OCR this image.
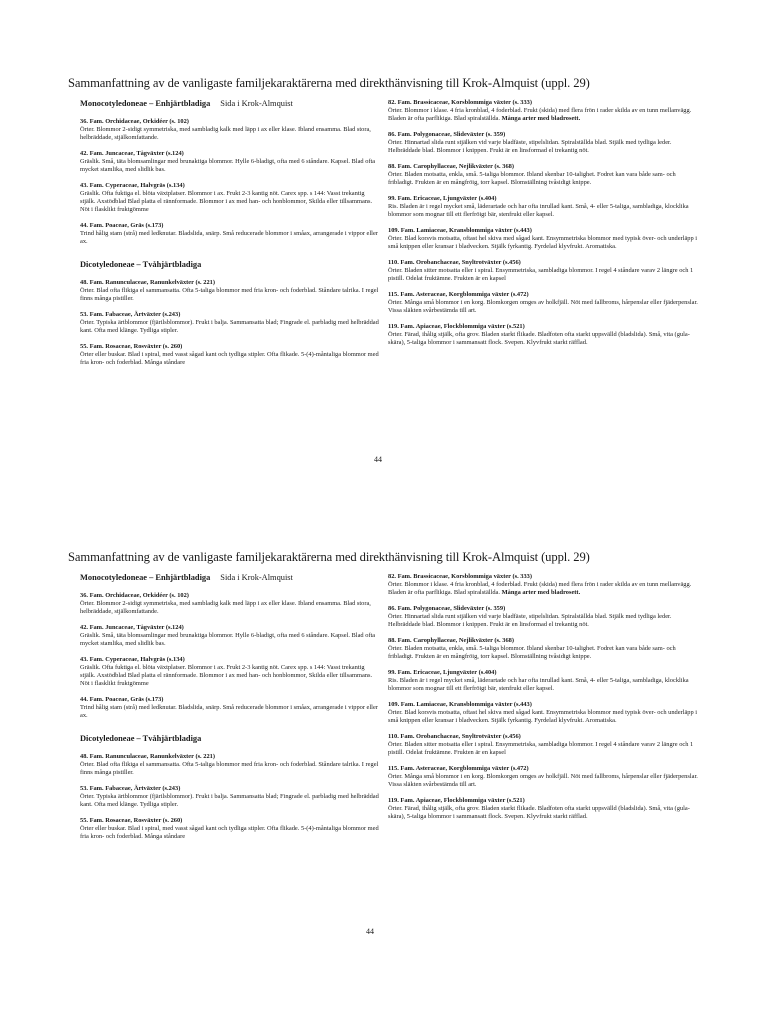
Sammanfattning av de vanligaste familjekaraktärerna med direkthänvisning till Krok-Almquist (uppl. 29)
Monocotyledoneae – Enhjärtbladiga Sida i Krok-Almquist
36. Fam. Orchidaceae, Orkidéer (s. 102)
Örter. Blommor 2-sidigt symmetriska, med sambladig kalk med läpp i ax eller klase. Ibland ensamma. Blad stora, helbräddade, stjälkomfattande.
42. Fam. Juncaceae, Tågväxter (s.124)
Gräslik. Små, täta blomsamlingar med brunaktiga blommor. Hylle 6-bladigt, ofta med 6 ståndare. Kapsel. Blad ofta mycket stamlika, med slidlik bas.
43. Fam. Cyperaceae, Halvgräs (s.134)
Gräslik. Ofta fuktiga el. blöta växtplatser. Blommor i ax. Frukt 2-3 kantig nöt. Carex spp. s 144: Vasst trekantig stjälk. Axstödblad Blad platta el rännformade. Blommor i ax med han- och honblommor, Skilda eller tillsammans. Nöt i flasklikt fruktgömme
44. Fam. Poaceae, Gräs (s.173)
Trind hålig stam (strå) med ledknutar. Bladslida, snärp. Små reducerade blommor i småax, arrangerade i vippor eller ax.
Dicotyledoneae – Tvåhjärtbladiga
48. Fam. Ranunculaceae, Ranunkelväxter (s. 221)
Örter. Blad ofta flikiga el sammansatta. Ofta 5-taliga blommor med fria kron- och foderblad. Ståndare talrika. I regel finns många pistiller.
53. Fam. Fabaceae, Ärtväxter (s.243)
Örter. Typiska ärtblommor (fjärilsblommor). Frukt i balja. Sammansatta blad; Fingrade el. parbladig med helbräddad kant. Ofta med klänge. Tydliga stipler.
55. Fam. Rosaceae, Rosväxter (s. 260)
Örter eller buskar. Blad i spiral, med vasst sågad kant och tydliga stipler. Ofta flikade. 5-(4)-måntaliga blommor med fria kron- och foderblad. Många ståndare
82. Fam. Brassicaceae, Korsblommiga växter (s. 333)
Örter. Blommor i klase. 4 fria kronblad, 4 foderblad. Frukt (skida) med flera frön i rader skilda av en tunn mellanvägg. Bladen är ofta parflikiga. Blad spiralställda. Många arter med bladrosett.
86. Fam. Polygonaceae, Slideväxter (s. 359)
Örter. Hinnartad slida runt stjälken vid varje bladfäste, stipelslidan. Spiralställda blad. Stjälk med tydliga leder. Helbräddade blad. Blommor i knippen. Frukt är en linsformad el trekantig nöt.
88. Fam. Carophyllaceae, Nejlikväxter (s. 368)
Örter. Bladen motsatta, enkla, små. 5-taliga blommor. Ibland skenbar 10-talighet. Fodret kan vara både sam- och fribladigt. Frukten är en mångfröig, torr kapsel. Blomställning tvåsidigt knippe.
99. Fam. Ericaceae, Ljungväxter (s.404)
Ris. Bladen är i regel mycket små, läderartade och har ofta inrullad kant. Små, 4- eller 5-taliga, sambladiga, klocklika blommor som mognar till ett flerfröigt bär, stenfrukt eller kapsel.
109. Fam. Lamiaceae, Kransblommiga växter (s.443)
Örter. Blad korsvis motsatta, oftast hel skiva med sågad kant. Ensymmetriska blommor med typisk över- och underläpp i små knippen eller kransar i bladvecken. Stjälk fyrkantig. Fyrdelad klyvfrukt. Aromatiska.
110. Fam. Orobanchaceae, Snyltrotväxter (s.456)
Örter. Bladen sitter motsatta eller i spiral. Ensymmetriska, sambladiga blommor. I regel 4 ståndare varav 2 längre och 1 pistill. Odelat fruktämne. Frukten är en kapsel
115. Fam. Asteraceae, Korgblommiga växter (s.472)
Örter. Många små blommor i en korg. Blomkorgen omges av holkfjäll. Nöt med fallbroms, hårpenslar eller fjäderpenslar. Vissa släkten svårbestämda till art.
119. Fam. Apiaceae, Flockblommiga växter (s.521)
Örter. Färad, ihålig stjälk, ofta grov. Bladen starkt flikade. Bladfoten ofta starkt uppsvälld (bladslida). Små, vita (gula-skära), 5-taliga blommor i sammansatt flock. Svepen. Klyvfrukt starkt räfflad.
44
Sammanfattning av de vanligaste familjekaraktärerna med direkthänvisning till Krok-Almquist (uppl. 29)
Monocotyledoneae – Enhjärtbladiga Sida i Krok-Almquist
36. Fam. Orchidaceae, Orkidéer (s. 102)
Örter. Blommor 2-sidigt symmetriska, med sambladig kalk med läpp i ax eller klase. Ibland ensamma. Blad stora, helbräddade, stjälkomfattande.
42. Fam. Juncaceae, Tågväxter (s.124)
Gräslik. Små, täta blomsamlingar med brunaktiga blommor. Hylle 6-bladigt, ofta med 6 ståndare. Kapsel. Blad ofta mycket stamlika, med slidlik bas.
43. Fam. Cyperaceae, Halvgräs (s.134)
Gräslik. Ofta fuktiga el. blöta växtplatser. Blommor i ax. Frukt 2-3 kantig nöt. Carex spp. s 144: Vasst trekantig stjälk. Axstödblad Blad platta el rännformade. Blommor i ax med han- och honblommor, Skilda eller tillsammans. Nöt i flasklikt fruktgömme
44. Fam. Poaceae, Gräs (s.173)
Trind hålig stam (strå) med ledknutar. Bladslida, snärp. Små reducerade blommor i småax, arrangerade i vippor eller ax.
Dicotyledoneae – Tvåhjärtbladiga
48. Fam. Ranunculaceae, Ranunkelväxter (s. 221)
Örter. Blad ofta flikiga el sammansatta. Ofta 5-taliga blommor med fria kron- och foderblad. Ståndare talrika. I regel finns många pistiller.
53. Fam. Fabaceae, Ärtväxter (s.243)
Örter. Typiska ärtblommor (fjärilsblommor). Frukt i balja. Sammansatta blad; Fingrade el. parbladig med helbräddad kant. Ofta med klänge. Tydliga stipler.
55. Fam. Rosaceae, Rosväxter (s. 260)
Örter eller buskar. Blad i spiral, med vasst sågad kant och tydliga stipler. Ofta flikade. 5-(4)-måntaliga blommor med fria kron- och foderblad. Många ståndare
82. Fam. Brassicaceae, Korsblommiga växter (s. 333)
Örter. Blommor i klase. 4 fria kronblad, 4 foderblad. Frukt (skida) med flera frön i rader skilda av en tunn mellanvägg. Bladen är ofta parflikiga. Blad spiralställda. Många arter med bladrosett.
86. Fam. Polygonaceae, Slideväxter (s. 359)
Örter. Hinnartad slida runt stjälken vid varje bladfäste, stipelslidan. Spiralställda blad. Stjälk med tydliga leder. Helbräddade blad. Blommor i knippen. Frukt är en linsformad el trekantig nöt.
88. Fam. Carophyllaceae, Nejlikväxter (s. 368)
Örter. Bladen motsatta, enkla, små. 5-taliga blommor. Ibland skenbar 10-talighet. Fodret kan vara både sam- och fribladigt. Frukten är en mångfröig, torr kapsel. Blomställning tvåsidigt knippe.
99. Fam. Ericaceae, Ljungväxter (s.404)
Ris. Bladen är i regel mycket små, läderartade och har ofta inrullad kant. Små, 4- eller 5-taliga, sambladiga, klocklika blommor som mognar till ett flerfröigt bär, stenfrukt eller kapsel.
109. Fam. Lamiaceae, Kransblommiga växter (s.443)
Örter. Blad korsvis motsatta, oftast hel skiva med sågad kant. Ensymmetriska blommor med typisk över- och underläpp i små knippen eller kransar i bladvecken. Stjälk fyrkantig. Fyrdelad klyvfrukt. Aromatiska.
110. Fam. Orobanchaceae, Snyltrotväxter (s.456)
Örter. Bladen sitter motsatta eller i spiral. Ensymmetriska, sambladiga blommor. I regel 4 ståndare varav 2 längre och 1 pistill. Odelat fruktämne. Frukten är en kapsel
115. Fam. Asteraceae, Korgblommiga växter (s.472)
Örter. Många små blommor i en korg. Blomkorgen omges av holkfjäll. Nöt med fallbroms, hårpenslar eller fjäderpenslar. Vissa släkten svårbestämda till art.
119. Fam. Apiaceae, Flockblommiga växter (s.521)
Örter. Färad, ihålig stjälk, ofta grov. Bladen starkt flikade. Bladfoten ofta starkt uppsvälld (bladslida). Små, vita (gula-skära), 5-taliga blommor i sammansatt flock. Svepen. Klyvfrukt starkt räfflad.
44
